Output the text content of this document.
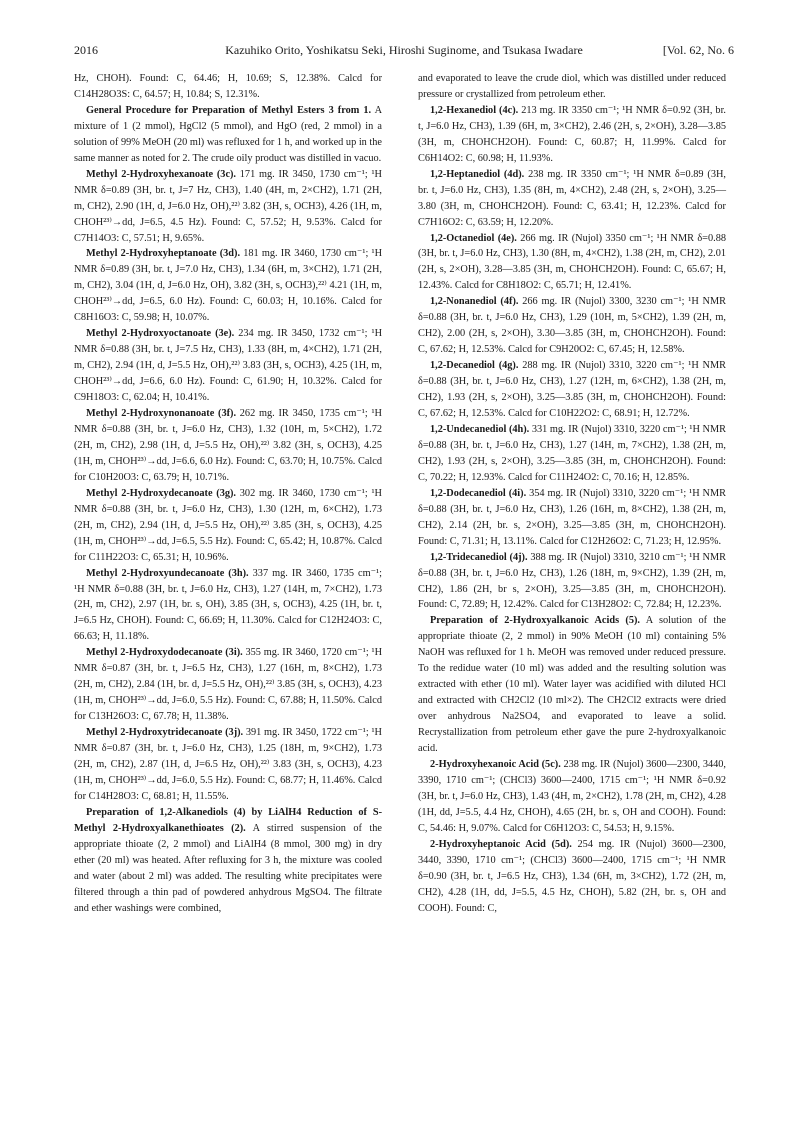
2016	Kazuhiko Orito, Yoshikatsu Seki, Hiroshi Suginome, and Tsukasa Iwadare	[Vol. 62, No. 6

Hz, CHOH). Found: C, 64.46; H, 10.69; S, 12.38%. Calcd for C14H28O3S: C, 64.57; H, 10.84; S, 12.31%.

General Procedure for Preparation of Methyl Esters 3 from 1. A mixture of 1 (2 mmol), HgCl2 (5 mmol), and HgO (red, 2 mmol) in a solution of 99% MeOH (20 ml) was refluxed for 1 h, and worked up in the same manner as noted for 2. The crude oily product was distilled in vacuo.

Methyl 2-Hydroxyhexanoate (3c). 171 mg. IR 3450, 1730 cm⁻¹; ¹H NMR δ=0.89 (3H, br. t, J=7 Hz, CH3), 1.40 (4H, m, 2×CH2), 1.71 (2H, m, CH2), 2.90 (1H, d, J=6.0 Hz, OH),²²⁾ 3.82 (3H, s, OCH3), 4.26 (1H, m, CHOH²³⁾→dd, J=6.5, 4.5 Hz). Found: C, 57.52; H, 9.53%. Calcd for C7H14O3: C, 57.51; H, 9.65%.

Methyl 2-Hydroxyheptanoate (3d). 181 mg. IR 3460, 1730 cm⁻¹; ¹H NMR δ=0.89 (3H, br. t, J=7.0 Hz, CH3), 1.34 (6H, m, 3×CH2), 1.71 (2H, m, CH2), 3.04 (1H, d, J=6.0 Hz, OH), 3.82 (3H, s, OCH3),²²⁾ 4.21 (1H, m, CHOH²³⁾→dd, J=6.5, 6.0 Hz). Found: C, 60.03; H, 10.16%. Calcd for C8H16O3: C, 59.98; H, 10.07%.

Methyl 2-Hydroxyoctanoate (3e). 234 mg. IR 3450, 1732 cm⁻¹; ¹H NMR δ=0.88 (3H, br. t, J=7.5 Hz, CH3), 1.33 (8H, m, 4×CH2), 1.71 (2H, m, CH2), 2.94 (1H, d, J=5.5 Hz, OH),²²⁾ 3.83 (3H, s, OCH3), 4.25 (1H, m, CHOH²³⁾→dd, J=6.6, 6.0 Hz). Found: C, 61.90; H, 10.32%. Calcd for C9H18O3: C, 62.04; H, 10.41%.

Methyl 2-Hydroxynonanoate (3f). 262 mg. IR 3450, 1735 cm⁻¹; ¹H NMR δ=0.88 (3H, br. t, J=6.0 Hz, CH3), 1.32 (10H, m, 5×CH2), 1.72 (2H, m, CH2), 2.98 (1H, d, J=5.5 Hz, OH),²²⁾ 3.82 (3H, s, OCH3), 4.25 (1H, m, CHOH²³⁾→dd, J=6.6, 6.0 Hz). Found: C, 63.70; H, 10.75%. Calcd for C10H20O3: C, 63.79; H, 10.71%.

Methyl 2-Hydroxydecanoate (3g). 302 mg. IR 3460, 1730 cm⁻¹; ¹H NMR δ=0.88 (3H, br. t, J=6.0 Hz, CH3), 1.30 (12H, m, 6×CH2), 1.73 (2H, m, CH2), 2.94 (1H, d, J=5.5 Hz, OH),²²⁾ 3.85 (3H, s, OCH3), 4.25 (1H, m, CHOH²³⁾→dd, J=6.5, 5.5 Hz). Found: C, 65.42; H, 10.87%. Calcd for C11H22O3: C, 65.31; H, 10.96%.

Methyl 2-Hydroxyundecanoate (3h). 337 mg. IR 3460, 1735 cm⁻¹; ¹H NMR δ=0.88 (3H, br. t, J=6.0 Hz, CH3), 1.27 (14H, m, 7×CH2), 1.73 (2H, m, CH2), 2.97 (1H, br. s, OH), 3.85 (3H, s, OCH3), 4.25 (1H, br. t, J=6.5 Hz, CHOH). Found: C, 66.69; H, 11.30%. Calcd for C12H24O3: C, 66.63; H, 11.18%.

Methyl 2-Hydroxydodecanoate (3i). 355 mg. IR 3460, 1720 cm⁻¹; ¹H NMR δ=0.87 (3H, br. t, J=6.5 Hz, CH3), 1.27 (16H, m, 8×CH2), 1.73 (2H, m, CH2), 2.84 (1H, br. d, J=5.5 Hz, OH),²²⁾ 3.85 (3H, s, OCH3), 4.23 (1H, m, CHOH²³⁾→dd, J=6.0, 5.5 Hz). Found: C, 67.88; H, 11.50%. Calcd for C13H26O3: C, 67.78; H, 11.38%.

Methyl 2-Hydroxytridecanoate (3j). 391 mg. IR 3450, 1722 cm⁻¹; ¹H NMR δ=0.87 (3H, br. t, J=6.0 Hz, CH3), 1.25 (18H, m, 9×CH2), 1.73 (2H, m, CH2), 2.87 (1H, d, J=6.5 Hz, OH),²²⁾ 3.83 (3H, s, OCH3), 4.23 (1H, m, CHOH²³⁾→dd, J=6.0, 5.5 Hz). Found: C, 68.77; H, 11.46%. Calcd for C14H28O3: C, 68.81; H, 11.55%.

Preparation of 1,2-Alkanediols (4) by LiAlH4 Reduction of S-Methyl 2-Hydroxyalkanethioates (2). A stirred suspension of the appropriate thioate (2, 2 mmol) and LiAlH4 (8 mmol, 300 mg) in dry ether (20 ml) was heated. After refluxing for 3 h, the mixture was cooled and water (about 2 ml) was added. The resulting white precipitates were filtered through a thin pad of powdered anhydrous MgSO4. The filtrate and ether washings were combined,

and evaporated to leave the crude diol, which was distilled under reduced pressure or crystallized from petroleum ether.

1,2-Hexanediol (4c). 213 mg. IR 3350 cm⁻¹; ¹H NMR δ=0.92 (3H, br. t, J=6.0 Hz, CH3), 1.39 (6H, m, 3×CH2), 2.46 (2H, s, 2×OH), 3.28—3.85 (3H, m, CHOHCH2OH). Found: C, 60.87; H, 11.99%. Calcd for C6H14O2: C, 60.98; H, 11.93%.

1,2-Heptanediol (4d). 238 mg. IR 3350 cm⁻¹; ¹H NMR δ=0.89 (3H, br. t, J=6.0 Hz, CH3), 1.35 (8H, m, 4×CH2), 2.48 (2H, s, 2×OH), 3.25—3.80 (3H, m, CHOHCH2OH). Found: C, 63.41; H, 12.23%. Calcd for C7H16O2: C, 63.59; H, 12.20%.

1,2-Octanediol (4e). 266 mg. IR (Nujol) 3350 cm⁻¹; ¹H NMR δ=0.88 (3H, br. t, J=6.0 Hz, CH3), 1.30 (8H, m, 4×CH2), 1.38 (2H, m, CH2), 2.01 (2H, s, 2×OH), 3.28—3.85 (3H, m, CHOHCH2OH). Found: C, 65.67; H, 12.43%. Calcd for C8H18O2: C, 65.71; H, 12.41%.

1,2-Nonanediol (4f). 266 mg. IR (Nujol) 3300, 3230 cm⁻¹; ¹H NMR δ=0.88 (3H, br. t, J=6.0 Hz, CH3), 1.29 (10H, m, 5×CH2), 1.39 (2H, m, CH2), 2.00 (2H, s, 2×OH), 3.30—3.85 (3H, m, CHOHCH2OH). Found: C, 67.62; H, 12.53%. Calcd for C9H20O2: C, 67.45; H, 12.58%.

1,2-Decanediol (4g). 288 mg. IR (Nujol) 3310, 3220 cm⁻¹; ¹H NMR δ=0.88 (3H, br. t, J=6.0 Hz, CH3), 1.27 (12H, m, 6×CH2), 1.38 (2H, m, CH2), 1.93 (2H, s, 2×OH), 3.25—3.85 (3H, m, CHOHCH2OH). Found: C, 67.62; H, 12.53%. Calcd for C10H22O2: C, 68.91; H, 12.72%.

1,2-Undecanediol (4h). 331 mg. IR (Nujol) 3310, 3220 cm⁻¹; ¹H NMR δ=0.88 (3H, br. t, J=6.0 Hz, CH3), 1.27 (14H, m, 7×CH2), 1.38 (2H, m, CH2), 1.93 (2H, s, 2×OH), 3.25—3.85 (3H, m, CHOHCH2OH). Found: C, 70.22; H, 12.93%. Calcd for C11H24O2: C, 70.16; H, 12.85%.

1,2-Dodecanediol (4i). 354 mg. IR (Nujol) 3310, 3220 cm⁻¹; ¹H NMR δ=0.88 (3H, br. t, J=6.0 Hz, CH3), 1.26 (16H, m, 8×CH2), 1.38 (2H, m, CH2), 2.14 (2H, br. s, 2×OH), 3.25—3.85 (3H, m, CHOHCH2OH). Found: C, 71.31; H, 13.11%. Calcd for C12H26O2: C, 71.23; H, 12.95%.

1,2-Tridecanediol (4j). 388 mg. IR (Nujol) 3310, 3210 cm⁻¹; ¹H NMR δ=0.88 (3H, br. t, J=6.0 Hz, CH3), 1.26 (18H, m, 9×CH2), 1.39 (2H, m, CH2), 1.86 (2H, br s, 2×OH), 3.25—3.85 (3H, m, CHOHCH2OH). Found: C, 72.89; H, 12.42%. Calcd for C13H28O2: C, 72.84; H, 12.23%.

Preparation of 2-Hydroxyalkanoic Acids (5). A solution of the appropriate thioate (2, 2 mmol) in 90% MeOH (10 ml) containing 5% NaOH was refluxed for 1 h. MeOH was removed under reduced pressure. To the redidue water (10 ml) was added and the resulting solution was extracted with ether (10 ml). Water layer was acidified with diluted HCl and extracted with CH2Cl2 (10 ml×2). The CH2Cl2 extracts were dried over anhydrous Na2SO4, and evaporated to leave a solid. Recrystallization from petroleum ether gave the pure 2-hydroxyalkanoic acid.

2-Hydroxyhexanoic Acid (5c). 238 mg. IR (Nujol) 3600—2300, 3440, 3390, 1710 cm⁻¹; (CHCl3) 3600—2400, 1715 cm⁻¹; ¹H NMR δ=0.92 (3H, br. t, J=6.0 Hz, CH3), 1.43 (4H, m, 2×CH2), 1.78 (2H, m, CH2), 4.28 (1H, dd, J=5.5, 4.4 Hz, CHOH), 4.65 (2H, br. s, OH and COOH). Found: C, 54.46: H, 9.07%. Calcd for C6H12O3: C, 54.53; H, 9.15%.

2-Hydroxyheptanoic Acid (5d). 254 mg. IR (Nujol) 3600—2300, 3440, 3390, 1710 cm⁻¹; (CHCl3) 3600—2400, 1715 cm⁻¹; ¹H NMR δ=0.90 (3H, br. t, J=6.5 Hz, CH3), 1.34 (6H, m, 3×CH2), 1.72 (2H, m, CH2), 4.28 (1H, dd, J=5.5, 4.5 Hz, CHOH), 5.82 (2H, br. s, OH and COOH). Found: C,
